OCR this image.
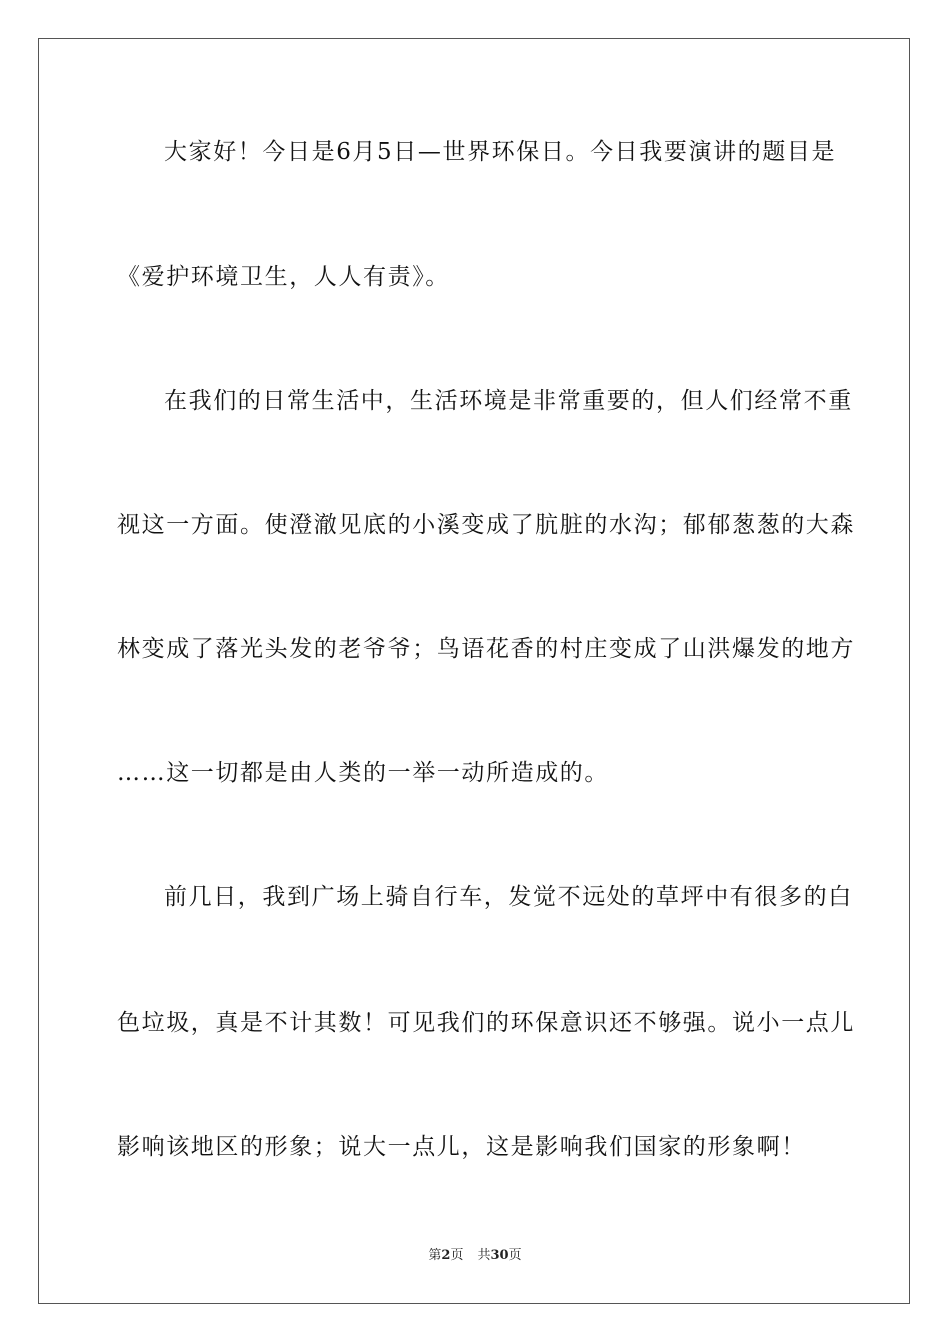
大家好！今日是6月5日—世界环保日。今日我要演讲的题目是
《爱护环境卫生，人人有责》。
在我们的日常生活中，生活环境是非常重要的，但人们经常不重
视这一方面。使澄澈见底的小溪变成了肮脏的水沟；郁郁葱葱的大森
林变成了落光头发的老爷爷；鸟语花香的村庄变成了山洪爆发的地方
……这一切都是由人类的一举一动所造成的。
前几日，我到广场上骑自行车，发觉不远处的草坪中有很多的白
色垃圾，真是不计其数！可见我们的环保意识还不够强。说小一点儿
影响该地区的形象；说大一点儿，这是影响我们国家的形象啊！
第2页 共30页
